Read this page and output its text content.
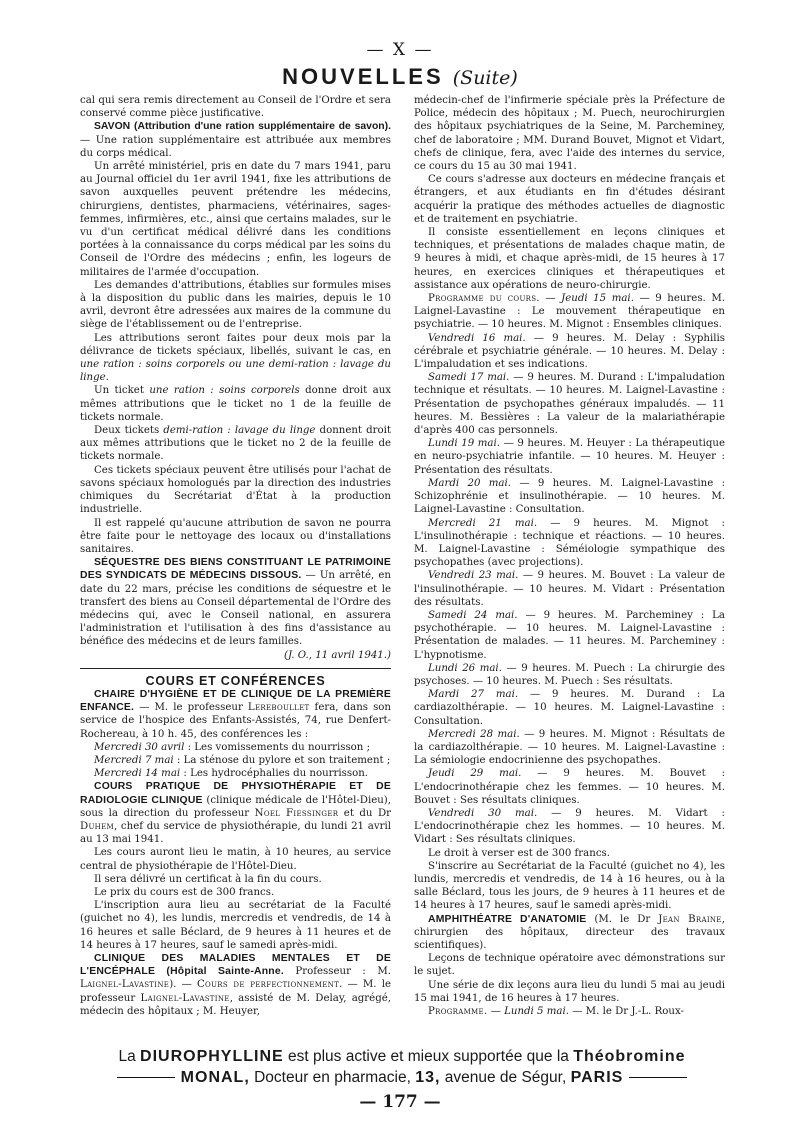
— X —
NOUVELLES (Suite)

cal qui sera remis directement au Conseil de l'Ordre et sera conservé comme pièce justificative.

SAVON (Attribution d'une ration supplémentaire de savon). — Une ration supplémentaire est attribuée aux membres du corps médical.

Un arrêté ministériel, pris en date du 7 mars 1941, paru au Journal officiel du 1er avril 1941, fixe les attributions de savon auxquelles peuvent prétendre les médecins, chirurgiens, dentistes, pharmaciens, vétérinaires, sages-femmes, infirmières, etc., ainsi que certains malades, sur le vu d'un certificat médical délivré dans les conditions portées à la connaissance du corps médical par les soins du Conseil de l'Ordre des médecins ; enfin, les logeurs de militaires de l'armée d'occupation.

Les demandes d'attributions, établies sur formules mises à la disposition du public dans les mairies, depuis le 10 avril, devront être adressées aux maires de la commune du siège de l'établissement ou de l'entreprise.

Les attributions seront faites pour deux mois par la délivrance de tickets spéciaux, libellés, suivant le cas, en une ration : soins corporels ou une demi-ration : lavage du linge.

Un ticket une ration : soins corporels donne droit aux mêmes attributions que le ticket no 1 de la feuille de tickets normale.

Deux tickets demi-ration : lavage du linge donnent droit aux mêmes attributions que le ticket no 2 de la feuille de tickets normale.

Ces tickets spéciaux peuvent être utilisés pour l'achat de savons spéciaux homologués par la direction des industries chimiques du Secrétariat d'État à la production industrielle.

Il est rappelé qu'aucune attribution de savon ne pourra être faite pour le nettoyage des locaux ou d'installations sanitaires.

SÉQUESTRE DES BIENS CONSTITUANT LE PATRIMOINE DES SYNDICATS DE MÉDECINS DISSOUS. — Un arrêté, en date du 22 mars, précise les conditions de séquestre et le transfert des biens au Conseil départemental de l'Ordre des médecins qui, avec le Conseil national, en assurera l'administration et l'utilisation à des fins d'assistance au bénéfice des médecins et de leurs familles.
(J. O., 11 avril 1941.)

COURS ET CONFÉRENCES

CHAIRE D'HYGIÈNE ET DE CLINIQUE DE LA PREMIÈRE ENFANCE. — M. le professeur Lereboullet fera, dans son service de l'hospice des Enfants-Assistés, 74, rue Denfert-Rochereau, à 10 h. 45, des conférences les :

Mercredi 30 avril : Les vomissements du nourrisson ;

Mercredi 7 mai : La sténose du pylore et son traitement ;

Mercredi 14 mai : Les hydrocéphalies du nourrisson.

COURS PRATIQUE DE PHYSIOTHÉRAPIE ET DE RADIOLOGIE CLINIQUE (clinique médicale de l'Hôtel-Dieu), sous la direction du professeur Noel Fiessinger et du Dr Duhem, chef du service de physiothérapie, du lundi 21 avril au 13 mai 1941.

Les cours auront lieu le matin, à 10 heures, au service central de physiothérapie de l'Hôtel-Dieu.

Il sera délivré un certificat à la fin du cours.

Le prix du cours est de 300 francs.

L'inscription aura lieu au secrétariat de la Faculté (guichet no 4), les lundis, mercredis et vendredis, de 14 à 16 heures et salle Béclard, de 9 heures à 11 heures et de 14 heures à 17 heures, sauf le samedi après-midi.

CLINIQUE DES MALADIES MENTALES ET DE L'ENCÉPHALE (Hôpital Sainte-Anne. Professeur : M. Laignel-Lavastine). — Cours de perfectionnement. — M. le professeur Laignel-Lavastine, assisté de M. Delay, agrégé, médecin des hôpitaux ; M. Heuyer,

médecin-chef de l'infirmerie spéciale près la Préfecture de Police, médecin des hôpitaux ; M. Puech, neurochirurgien des hôpitaux psychiatriques de la Seine, M. Parcheminey, chef de laboratoire ; MM. Durand Bouvet, Mignot et Vidart, chefs de clinique, fera, avec l'aide des internes du service, ce cours du 15 au 30 mai 1941.

Ce cours s'adresse aux docteurs en médecine français et étrangers, et aux étudiants en fin d'études désirant acquérir la pratique des méthodes actuelles de diagnostic et de traitement en psychiatrie.

Il consiste essentiellement en leçons cliniques et techniques, et présentations de malades chaque matin, de 9 heures à midi, et chaque après-midi, de 15 heures à 17 heures, en exercices cliniques et thérapeutiques et assistance aux opérations de neuro-chirurgie.

Programme du cours. — Jeudi 15 mai. — 9 heures. M. Laignel-Lavastine : Le mouvement thérapeutique en psychiatrie. — 10 heures. M. Mignot : Ensembles cliniques.

Vendredi 16 mai. — 9 heures. M. Delay : Syphilis cérébrale et psychiatrie générale. — 10 heures. M. Delay : L'impaludation et ses indications.

Samedi 17 mai. — 9 heures. M. Durand : L'impaludation technique et résultats. — 10 heures. M. Laignel-Lavastine : Présentation de psychopathes généraux impaludés. — 11 heures. M. Bessières : La valeur de la malariathérapie d'après 400 cas personnels.

Lundi 19 mai. — 9 heures. M. Heuyer : La thérapeutique en neuro-psychiatrie infantile. — 10 heures. M. Heuyer : Présentation des résultats.

Mardi 20 mai. — 9 heures. M. Laignel-Lavastine : Schizophrénie et insulinothérapie. — 10 heures. M. Laignel-Lavastine : Consultation.

Mercredi 21 mai. — 9 heures. M. Mignot : L'insulinothérapie : technique et réactions. — 10 heures. M. Laignel-Lavastine : Séméiologie sympathique des psychopathes (avec projections).

Vendredi 23 mai. — 9 heures. M. Bouvet : La valeur de l'insulinothérapie. — 10 heures. M. Vidart : Présentation des résultats.

Samedi 24 mai. — 9 heures. M. Parcheminey : La psychothérapie. — 10 heures. M. Laignel-Lavastine : Présentation de malades. — 11 heures. M. Parcheminey : L'hypnotisme.

Lundi 26 mai. — 9 heures. M. Puech : La chirurgie des psychoses. — 10 heures. M. Puech : Ses résultats.

Mardi 27 mai. — 9 heures. M. Durand : La cardiazolthérapie. — 10 heures. M. Laignel-Lavastine : Consultation.

Mercredi 28 mai. — 9 heures. M. Mignot : Résultats de la cardiazolthérapie. — 10 heures. M. Laignel-Lavastine : La sémiologie endocrinienne des psychopathes.

Jeudi 29 mai. — 9 heures. M. Bouvet : L'endocrinothérapie chez les femmes. — 10 heures. M. Bouvet : Ses résultats cliniques.

Vendredi 30 mai. — 9 heures. M. Vidart : L'endocrinothérapie chez les hommes. — 10 heures. M. Vidart : Ses résultats cliniques.

Le droit à verser est de 300 francs.

S'inscrire au Secrétariat de la Faculté (guichet no 4), les lundis, mercredis et vendredis, de 14 à 16 heures, ou à la salle Béclard, tous les jours, de 9 heures à 11 heures et de 14 heures à 17 heures, sauf le samedi après-midi.

AMPHITHÉATRE D'ANATOMIE (M. le Dr Jean Braine, chirurgien des hôpitaux, directeur des travaux scientifiques).

Leçons de technique opératoire avec démonstrations sur le sujet.

Une série de dix leçons aura lieu du lundi 5 mai au jeudi 15 mai 1941, de 16 heures à 17 heures.

Programme. — Lundi 5 mai. — M. le Dr J.-L. Roux-

La DIUROPHYLLINE est plus active et mieux supportée que la Théobromine
MONAL, Docteur en pharmacie, 13, avenue de Ségur, PARIS
— 177 —
